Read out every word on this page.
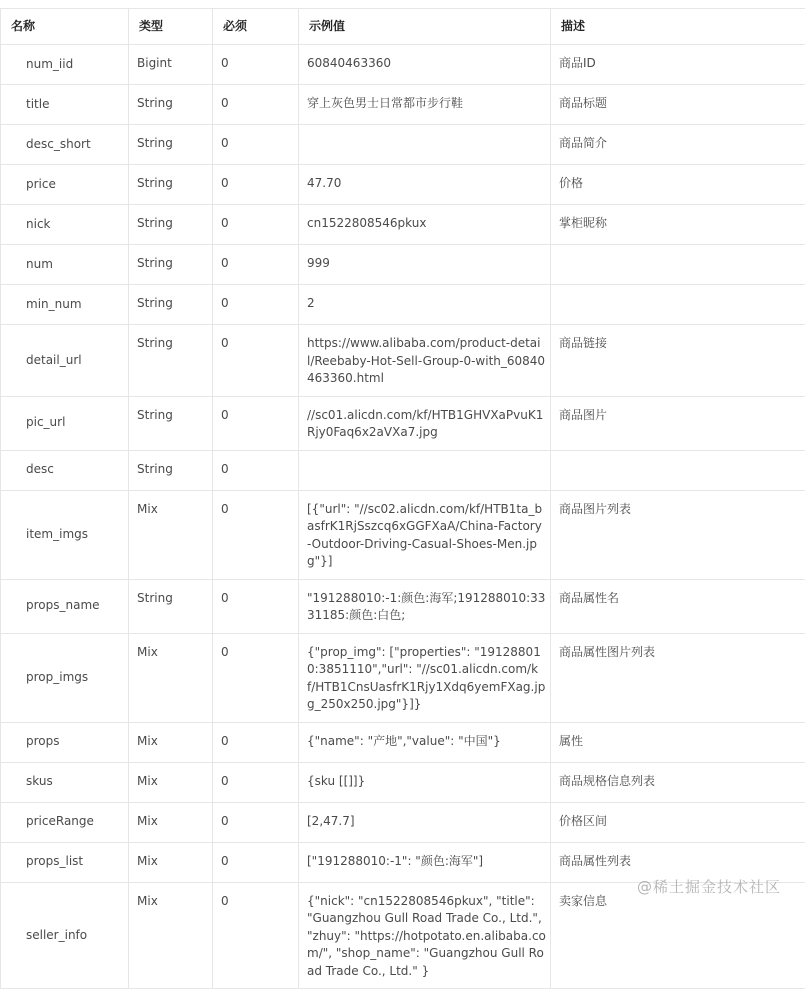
名称	类型	必须	示例值	描述

num_iid	Bigint	0	60840463360	商品ID

title	String	0	穿上灰色男士日常都市步行鞋	商品标题

desc_short	String	0		商品简介

price	String	0	47.70	价格

nick	String	0	cn1522808546pkux	掌柜昵称

num	String	0	999	

min_num	String	0	2	

detail_url	String	0	https://www.alibaba.com/product-detail/Reebaby-Hot-Sell-Group-0-with_60840463360.html	商品链接

pic_url	String	0	//sc01.alicdn.com/kf/HTB1GHVXaPvuK1Rjy0Faq6x2aVXa7.jpg	商品图片

desc	String	0		

item_imgs	Mix	0	[{"url": "//sc02.alicdn.com/kf/HTB1ta_basfrK1RjSszcq6xGGFXaA/China-Factory-Outdoor-Driving-Casual-Shoes-Men.jpg"}]	商品图片列表

props_name	String	0	"191288010:-1:颜色:海军;191288010:3331185:颜色:白色;	商品属性名

prop_imgs	Mix	0	{"prop_img": ["properties": "191288010:3851110","url": "//sc01.alicdn.com/kf/HTB1CnsUasfrK1Rjy1Xdq6yemFXag.jpg_250x250.jpg"}]}	商品属性图片列表

props	Mix	0	{"name": "产地","value": "中国"}	属性

skus	Mix	0	{sku [[]]}	商品规格信息列表

priceRange	Mix	0	[2,47.7]	价格区间

props_list	Mix	0	["191288010:-1": "颜色:海军"]	商品属性列表

seller_info	Mix	0	{"nick": "cn1522808546pkux", "title": "Guangzhou Gull Road Trade Co., Ltd.", "zhuy": "https://hotpotato.en.alibaba.com/", "shop_name": "Guangzhou Gull Road Trade Co., Ltd." }	卖家信息
@稀土掘金技术社区
